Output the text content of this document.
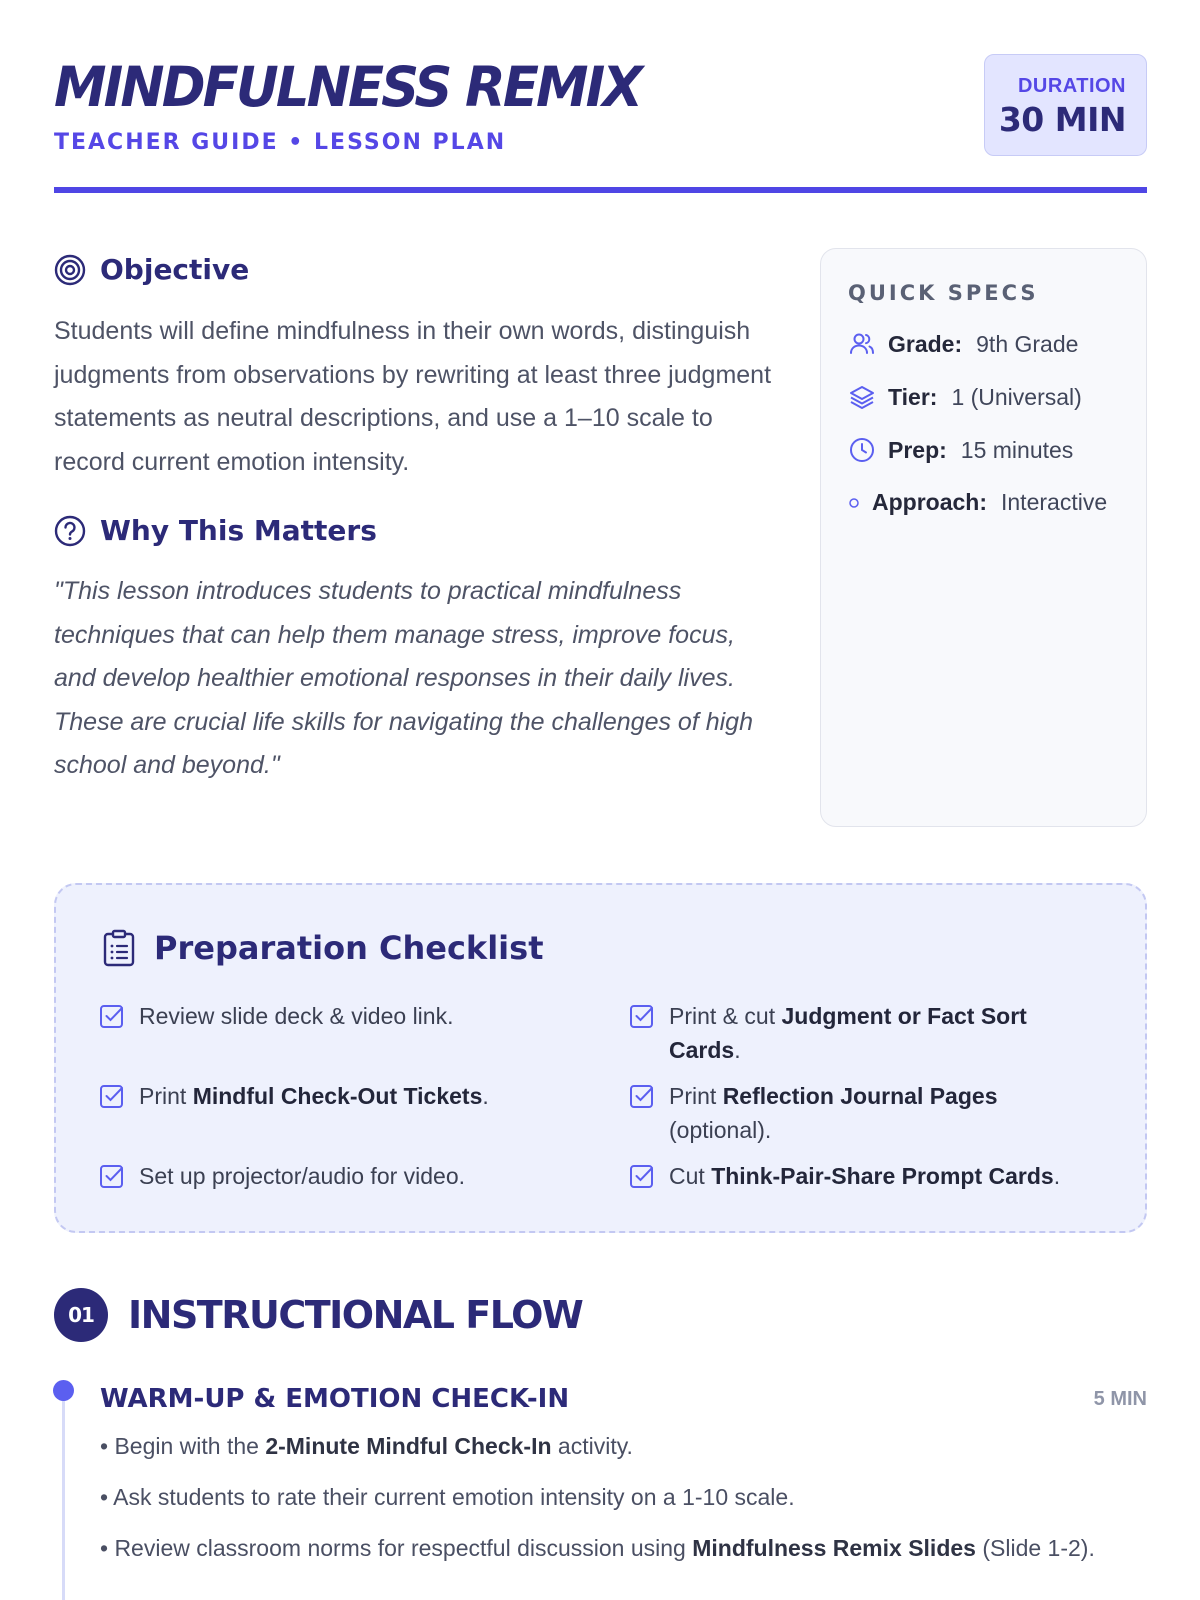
MINDFULNESS REMIX
TEACHER GUIDE • LESSON PLAN
DURATION
30 MIN
Objective
Students will define mindfulness in their own words, distinguish judgments from observations by rewriting at least three judgment statements as neutral descriptions, and use a 1–10 scale to record current emotion intensity.
Why This Matters
"This lesson introduces students to practical mindfulness techniques that can help them manage stress, improve focus, and develop healthier emotional responses in their daily lives. These are crucial life skills for navigating the challenges of high school and beyond."
QUICK SPECS
Grade: 9th Grade
Tier: 1 (Universal)
Prep: 15 minutes
Approach: Interactive
Preparation Checklist
Review slide deck & video link.	Print & cut Judgment or Fact Sort Cards.
Print Mindful Check-Out Tickets.	Print Reflection Journal Pages (optional).
Set up projector/audio for video.	Cut Think-Pair-Share Prompt Cards.
01 INSTRUCTIONAL FLOW
WARM-UP & EMOTION CHECK-IN	5 MIN
• Begin with the 2-Minute Mindful Check-In activity.
• Ask students to rate their current emotion intensity on a 1-10 scale.
• Review classroom norms for respectful discussion using Mindfulness Remix Slides (Slide 1-2).
